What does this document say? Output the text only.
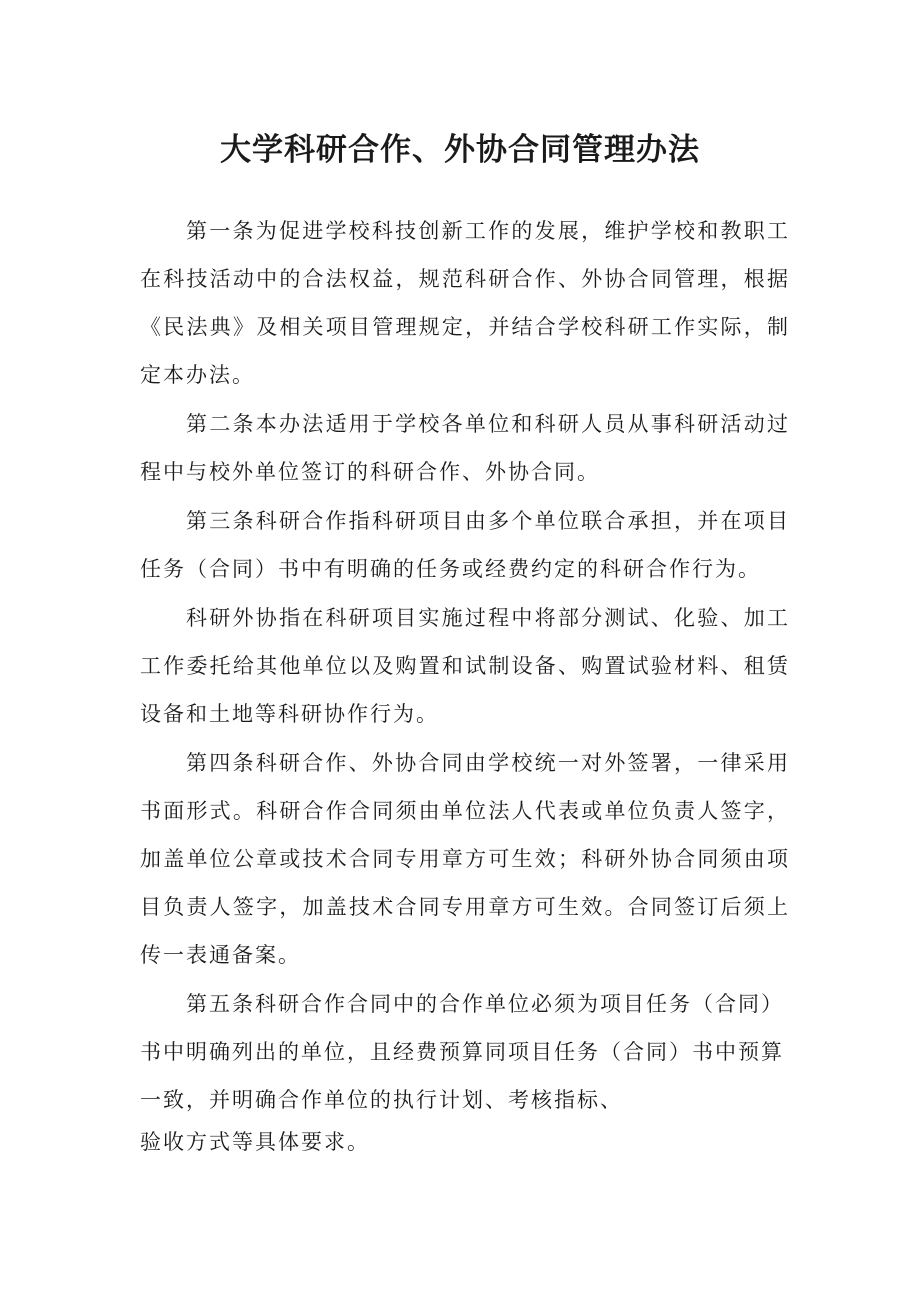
大学科研合作、外协合同管理办法

第一条为促进学校科技创新工作的发展，维护学校和教职工在科技活动中的合法权益，规范科研合作、外协合同管理，根据《民法典》及相关项目管理规定，并结合学校科研工作实际，制定本办法。

第二条本办法适用于学校各单位和科研人员从事科研活动过程中与校外单位签订的科研合作、外协合同。

第三条科研合作指科研项目由多个单位联合承担，并在项目任务（合同）书中有明确的任务或经费约定的科研合作行为。

科研外协指在科研项目实施过程中将部分测试、化验、加工工作委托给其他单位以及购置和试制设备、购置试验材料、租赁设备和土地等科研协作行为。

第四条科研合作、外协合同由学校统一对外签署，一律采用书面形式。科研合作合同须由单位法人代表或单位负责人签字，加盖单位公章或技术合同专用章方可生效；科研外协合同须由项目负责人签字，加盖技术合同专用章方可生效。合同签订后须上传一表通备案。

第五条科研合作合同中的合作单位必须为项目任务（合同）
书中明确列出的单位，且经费预算同项目任务（合同）书中预算
一致，并明确合作单位的执行计划、考核指标、
验收方式等具体要求。
